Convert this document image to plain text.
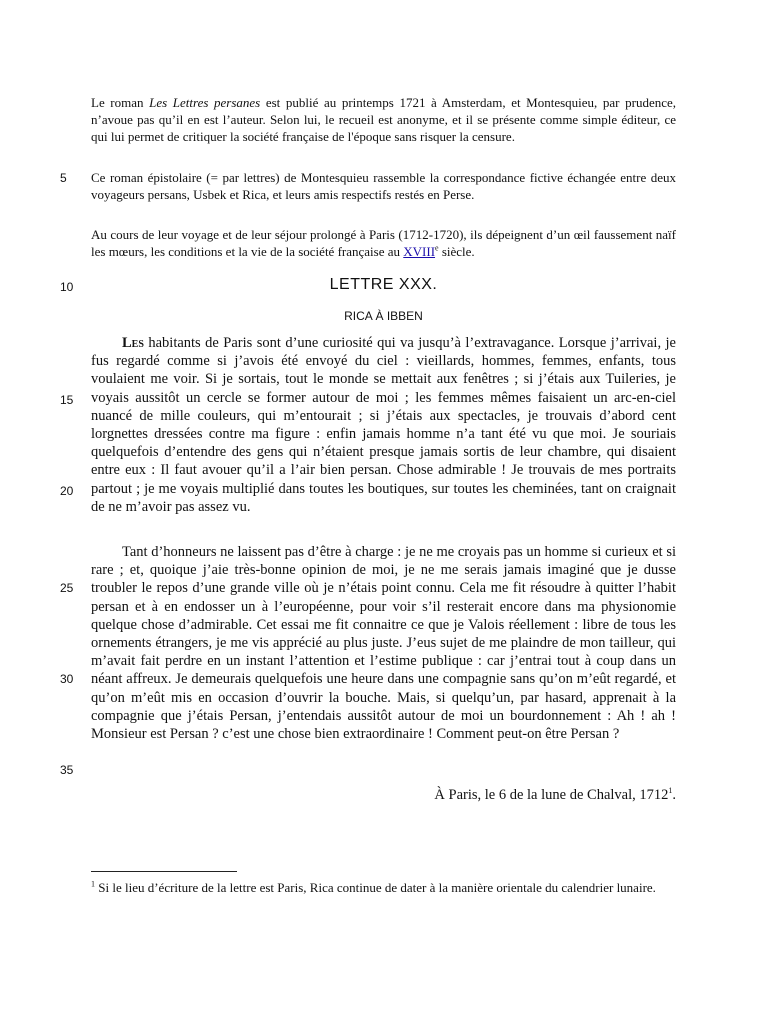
Le roman Les Lettres persanes est publié au printemps 1721 à Amsterdam, et Montesquieu, par prudence, n’avoue pas qu’il en est l’auteur. Selon lui, le recueil est anonyme, et il se présente comme simple éditeur, ce qui lui permet de critiquer la société française de l'époque sans risquer la censure.

Ce roman épistolaire (= par lettres) de Montesquieu rassemble la correspondance fictive échangée entre deux voyageurs persans, Usbek et Rica, et leurs amis respectifs restés en Perse.

Au cours de leur voyage et de leur séjour prolongé à Paris (1712-1720), ils dépeignent d’un œil faussement naïf les mœurs, les conditions et la vie de la société française au XVIIIe siècle.

5
10
15
20
25
30
35
LETTRE XXX.
RICA À IBBEN

Les habitants de Paris sont d’une curiosité qui va jusqu’à l’extravagance. Lorsque j’arrivai, je fus regardé comme si j’avois été envoyé du ciel : vieillards, hommes, femmes, enfants, tous voulaient me voir. Si je sortais, tout le monde se mettait aux fenêtres ; si j’étais aux Tuileries, je voyais aussitôt un cercle se former autour de moi ; les femmes mêmes faisaient un arc-en-ciel nuancé de mille couleurs, qui m’entourait ; si j’étais aux spectacles, je trouvais d’abord cent lorgnettes dressées contre ma figure : enfin jamais homme n’a tant été vu que moi. Je souriais quelquefois d’entendre des gens qui n’étaient presque jamais sortis de leur chambre, qui disaient entre eux : Il faut avouer qu’il a l’air bien persan. Chose admirable ! Je trouvais de mes portraits partout ; je me voyais multiplié dans toutes les boutiques, sur toutes les cheminées, tant on craignait de ne m’avoir pas assez vu.

Tant d’honneurs ne laissent pas d’être à charge : je ne me croyais pas un homme si curieux et si rare ; et, quoique j’aie très-bonne opinion de moi, je ne me serais jamais imaginé que je dusse troubler le repos d’une grande ville où je n’étais point connu. Cela me fit résoudre à quitter l’habit persan et à en endosser un à l’européenne, pour voir s’il resterait encore dans ma physionomie quelque chose d’admirable. Cet essai me fit connaitre ce que je Valois réellement : libre de tous les ornements étrangers, je me vis apprécié au plus juste. J’eus sujet de me plaindre de mon tailleur, qui m’avait fait perdre en un instant l’attention et l’estime publique : car j’entrai tout à coup dans un néant affreux. Je demeurais quelquefois une heure dans une compagnie sans qu’on m’eût regardé, et qu’on m’eût mis en occasion d’ouvrir la bouche. Mais, si quelqu’un, par hasard, apprenait à la compagnie que j’étais Persan, j’entendais aussitôt autour de moi un bourdonnement : Ah ! ah ! Monsieur est Persan ? c’est une chose bien extraordinaire ! Comment peut-on être Persan ?

À Paris, le 6 de la lune de Chalval, 1712$^1$.

$^1$ Si le lieu d’écriture de la lettre est Paris, Rica continue de dater à la manière orientale du calendrier lunaire.
